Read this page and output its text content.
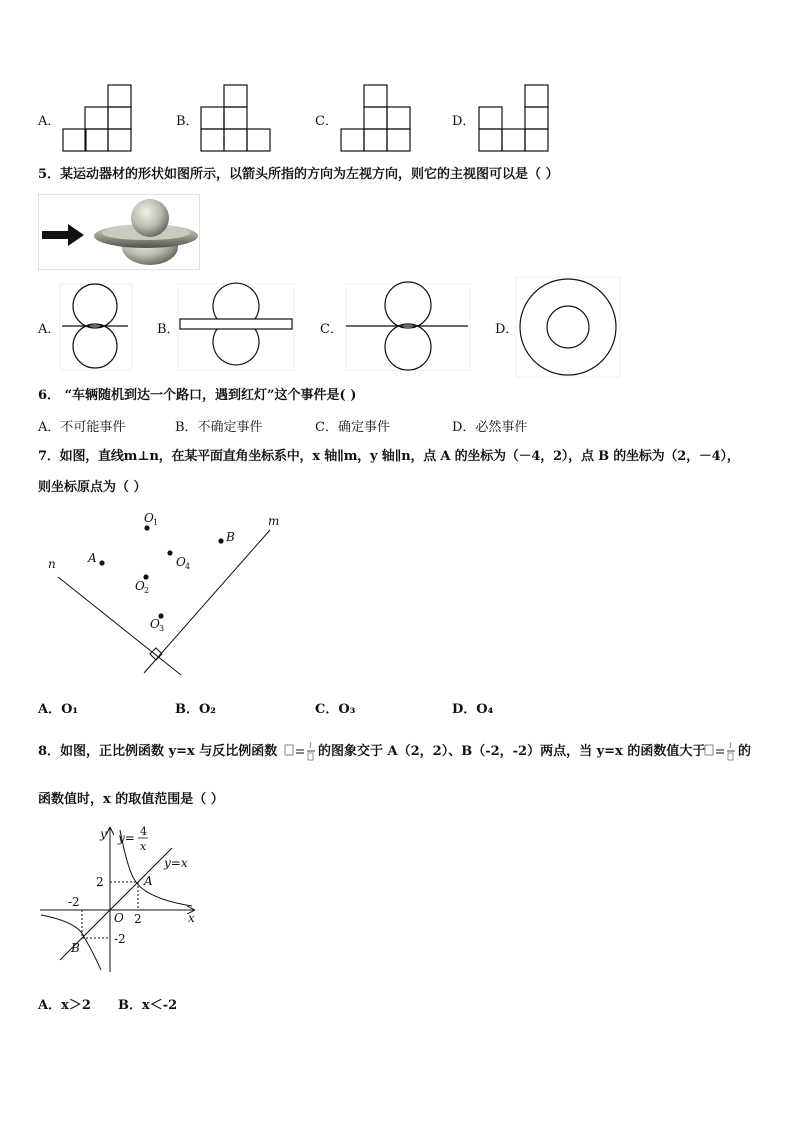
A．	B．	C．	D．
5．某运动器材的形状如图所示，以箭头所指的方向为左视方向，则它的主视图可以是（ ）
A．	B．	C．	D．
6． “车辆随机到达一个路口，遇到红灯”这个事件是( )
A．不可能事件	B．不确定事件	C．确定事件	D．必然事件
7．如图，直线m⊥n，在某平面直角坐标系中，x 轴∥m，y 轴∥n，点 A 的坐标为（－4，2），点 B 的坐标为（2，－4），
则坐标原点为（ ）
m
n	A
B
O
O
O
O
1
4
2
3
A．O₁	B．O₂	C．O₃	D．O₄
8．如图，正比例函数 y=x 与反比例函数	的图象交于 A（2，2）、B（-2，-2）两点，当 y=x 的函数值大于	的
函数值时，x 的取值范围是（ ）
y
x
O
A
B
y= 4
x
y=x
2
2
-2
-2
A．x＞2 B．x＜-2
